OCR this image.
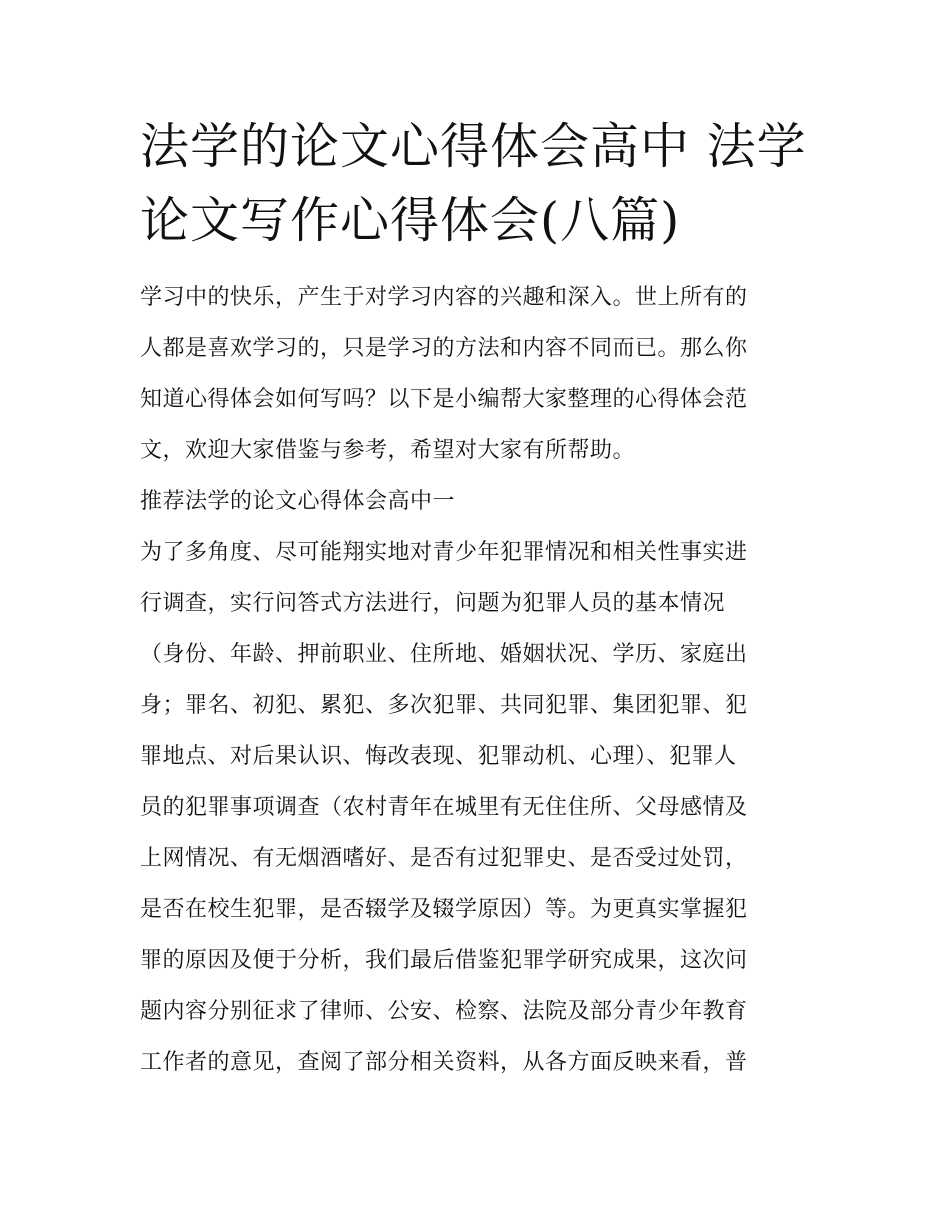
法学的论文心得体会高中 法学
论文写作心得体会(八篇)
学习中的快乐，产生于对学习内容的兴趣和深入。世上所有的
人都是喜欢学习的，只是学习的方法和内容不同而已。那么你
知道心得体会如何写吗？以下是小编帮大家整理的心得体会范
文，欢迎大家借鉴与参考，希望对大家有所帮助。
推荐法学的论文心得体会高中一
为了多角度、尽可能翔实地对青少年犯罪情况和相关性事实进
行调查，实行问答式方法进行，问题为犯罪人员的基本情况
（身份、年龄、押前职业、住所地、婚姻状况、学历、家庭出
身；罪名、初犯、累犯、多次犯罪、共同犯罪、集团犯罪、犯
罪地点、对后果认识、悔改表现、犯罪动机、心理）、犯罪人
员的犯罪事项调查（农村青年在城里有无住住所、父母感情及
上网情况、有无烟酒嗜好、是否有过犯罪史、是否受过处罚，
是否在校生犯罪，是否辍学及辍学原因）等。为更真实掌握犯
罪的原因及便于分析，我们最后借鉴犯罪学研究成果，这次问
题内容分别征求了律师、公安、检察、法院及部分青少年教育
工作者的意见，查阅了部分相关资料，从各方面反映来看，普
